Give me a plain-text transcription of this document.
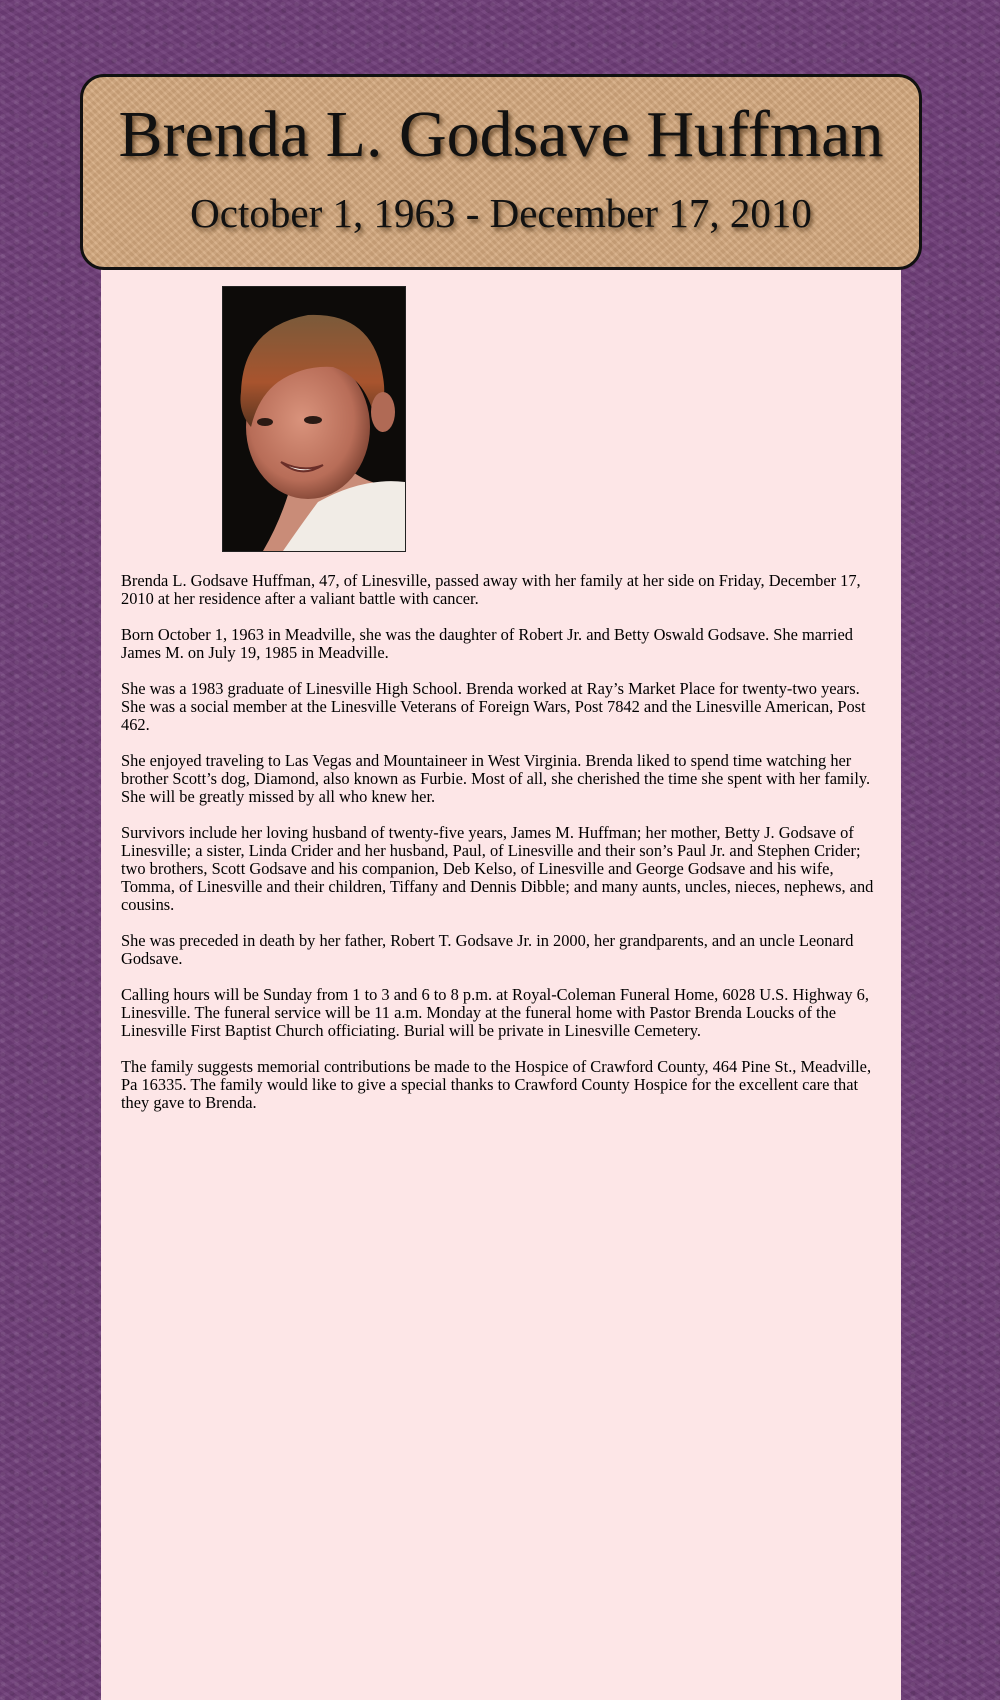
Brenda L. Godsave Huffman
October 1, 1963 - December 17, 2010

Brenda L. Godsave Huffman, 47, of Linesville, passed away with her family at her side on Friday, December 17, 2010 at her residence after a valiant battle with cancer.

Born October 1, 1963 in Meadville, she was the daughter of Robert Jr. and Betty Oswald Godsave. She married James M. on July 19, 1985 in Meadville.

She was a 1983 graduate of Linesville High School. Brenda worked at Ray’s Market Place for twenty-two years. She was a social member at the Linesville Veterans of Foreign Wars, Post 7842 and the Linesville American, Post 462.

She enjoyed traveling to Las Vegas and Mountaineer in West Virginia. Brenda liked to spend time watching her brother Scott’s dog, Diamond, also known as Furbie. Most of all, she cherished the time she spent with her family. She will be greatly missed by all who knew her.

Survivors include her loving husband of twenty-five years, James M. Huffman; her mother, Betty J. Godsave of Linesville; a sister, Linda Crider and her husband, Paul, of Linesville and their son’s Paul Jr. and Stephen Crider; two brothers, Scott Godsave and his companion, Deb Kelso, of Linesville and George Godsave and his wife, Tomma, of Linesville and their children, Tiffany and Dennis Dibble; and many aunts, uncles, nieces, nephews, and cousins.

She was preceded in death by her father, Robert T. Godsave Jr. in 2000, her grandparents, and an uncle Leonard Godsave.

Calling hours will be Sunday from 1 to 3 and 6 to 8 p.m. at Royal-Coleman Funeral Home, 6028 U.S. Highway 6, Linesville. The funeral service will be 11 a.m. Monday at the funeral home with Pastor Brenda Loucks of the Linesville First Baptist Church officiating. Burial will be private in Linesville Cemetery.

The family suggests memorial contributions be made to the Hospice of Crawford County, 464 Pine St., Meadville, Pa 16335. The family would like to give a special thanks to Crawford County Hospice for the excellent care that they gave to Brenda.
